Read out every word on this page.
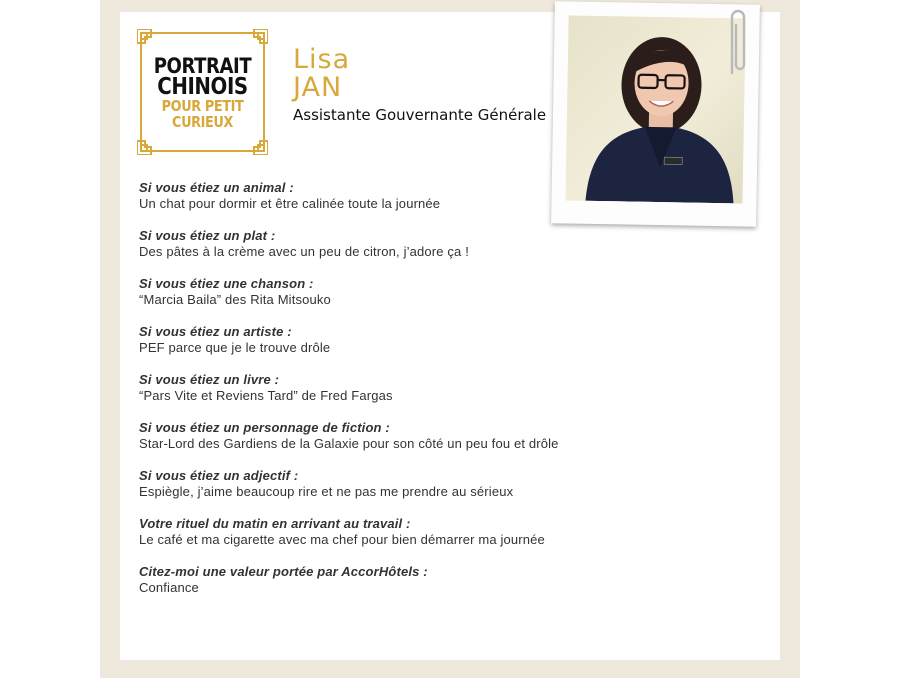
PORTRAIT
CHINOIS
POUR PETIT
CURIEUX
Lisa
JAN
Assistante Gouvernante Générale
Si vous étiez un animal :
Un chat pour dormir et être calinée toute la journée
Si vous étiez un plat :
Des pâtes à la crème avec un peu de citron, j’adore ça !
Si vous étiez une chanson :
“Marcia Baila” des Rita Mitsouko
Si vous étiez un artiste :
PEF parce que je le trouve drôle
Si vous étiez un livre :
“Pars Vite et Reviens Tard” de Fred Fargas
Si vous étiez un personnage de fiction :
Star-Lord des Gardiens de la Galaxie pour son côté un peu fou et drôle
Si vous étiez un adjectif :
Espiègle, j’aime beaucoup rire et ne pas me prendre au sérieux
Votre rituel du matin en arrivant au travail :
Le café et ma cigarette avec ma chef pour bien démarrer ma journée
Citez-moi une valeur portée par AccorHôtels :
Confiance
